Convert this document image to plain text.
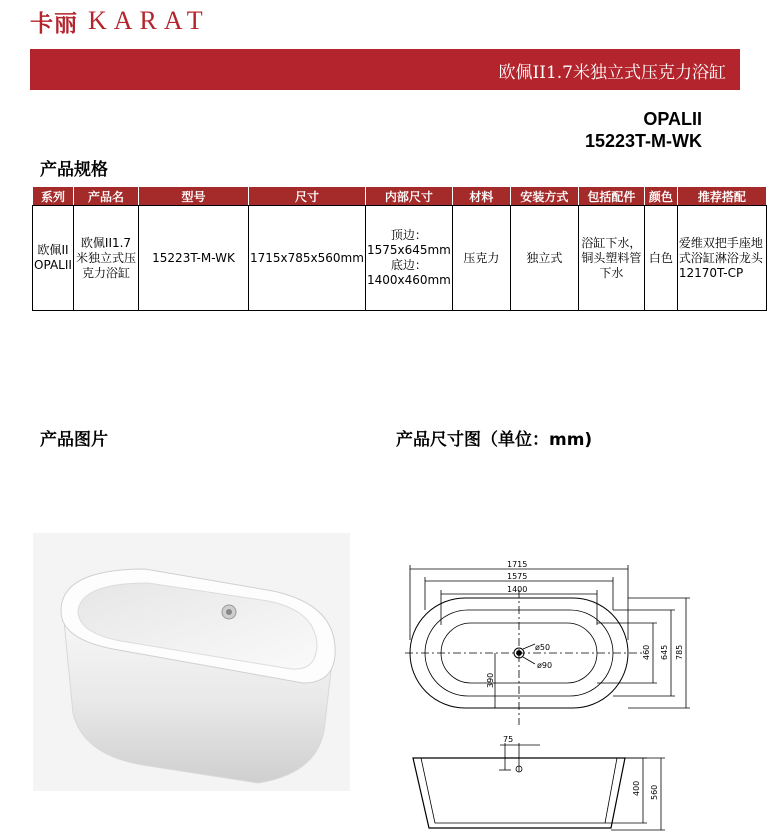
卡丽 KARAT
欧佩II1.7米独立式压克力浴缸
OPALII
15223T-M-WK
产品规格
系列	产品名	型号	尺寸	内部尺寸	材料	安装方式	包括配件	颜色	推荐搭配
欧佩II OPALII	欧佩II1.7米独立式压克力浴缸	15223T-M-WK	1715x785x560mm	顶边：1575x645mm 底边：1400x460mm	压克力	独立式	浴缸下水，铜头塑料管下水	白色	爱维双把手座地式浴缸淋浴龙头12170T-CP
产品图片	产品尺寸图（单位：mm)
1715
1575
1400
ø50
ø90
460 645 785
390
75
400 560
